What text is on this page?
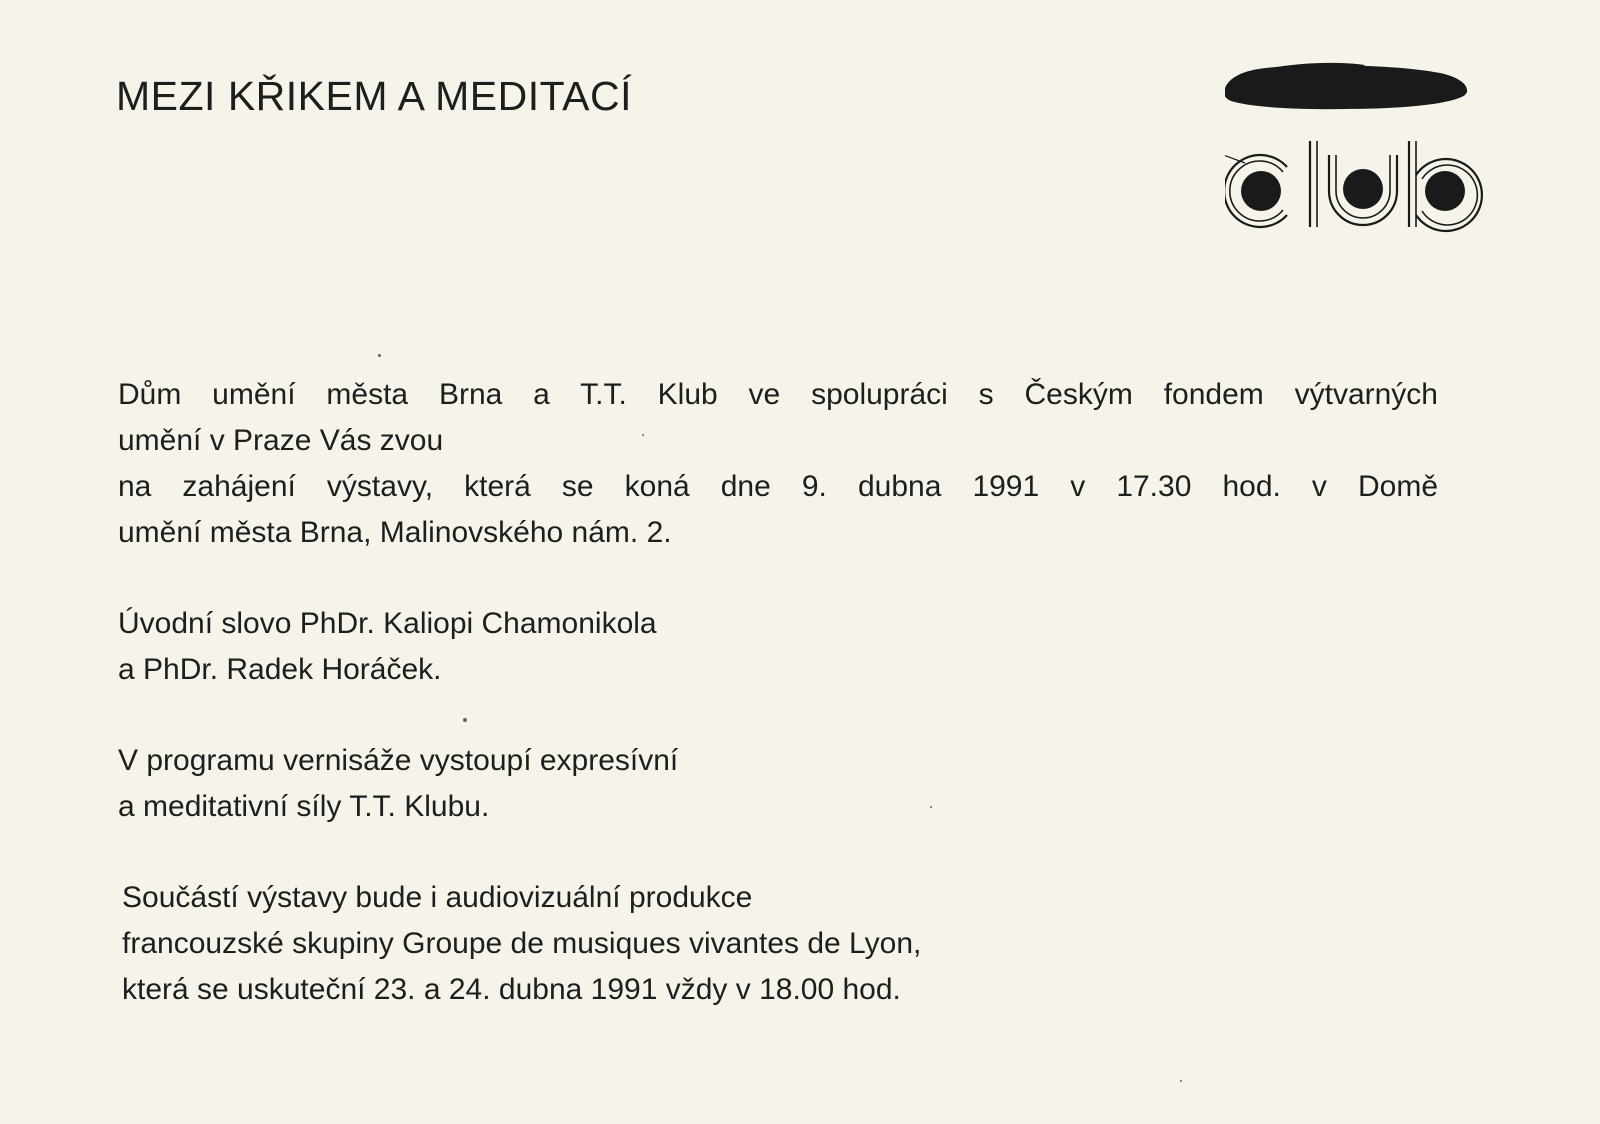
MEZI KŘIKEM A MEDITACÍ
Dům umění města Brna a T.T. Klub ve spolupráci s Českým fondem výtvarných
umění v Praze Vás zvou
na zahájení výstavy, která se koná dne 9. dubna 1991 v 17.30 hod. v Domě
umění města Brna, Malinovského nám. 2.
Úvodní slovo PhDr. Kaliopi Chamonikola
a PhDr. Radek Horáček.
V programu vernisáže vystoupí expresívní
a meditativní síly T.T. Klubu.
Součástí výstavy bude i audiovizuální produkce
francouzské skupiny Groupe de musiques vivantes de Lyon,
která se uskuteční 23. a 24. dubna 1991 vždy v 18.00 hod.
